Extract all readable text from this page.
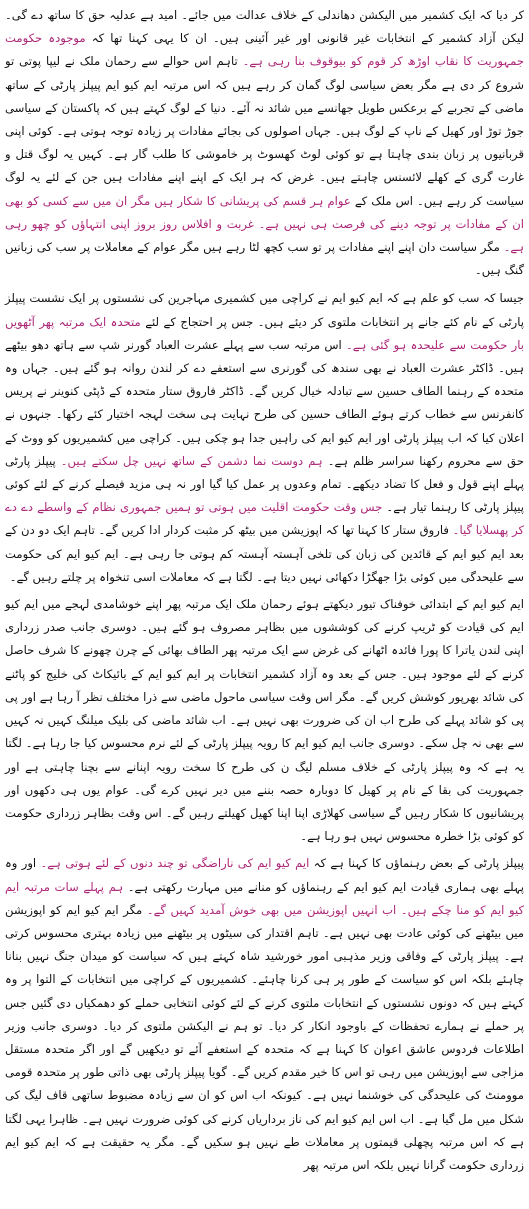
کر دیا کہ ایک کشمیر میں الیکشن دھاندلی کے خلاف عدالت میں جائے۔ امید ہے عدلیہ حق کا ساتھ دے گی۔ لیکن آزاد کشمیر کے انتخابات غیر قانونی اور غیر آئینی ہیں۔ ان کا یہی کہنا تھا کہ موجودہ حکومت جمہوریت کا نقاب اوڑھ کر قوم کو بیوقوف بنا رہی ہے۔ تاہم اس حوالے سے رحمان ملک نے لیپا پوتی تو شروع کر دی ہے مگر بعض سیاسی لوگ گمان کر رہے ہیں کہ اس مرتبہ ایم کیو ایم پیپلز پارٹی کے ساتھ ماضی کے تجربے کے برعکس طویل جھانسے میں شائد نہ آئے۔ دنیا کے لوگ کہتے ہیں کہ پاکستان کے سیاسی جوڑ توڑ اور کھیل کے ناپ کے لوگ ہیں۔ جہاں اصولوں کی بجائے مفادات پر زیادہ توجہ ہوتی ہے۔ کوئی اپنی قربانیوں پر زبان بندی چاہتا ہے تو کوئی لوٹ کھسوٹ پر خاموشی کا طلب گار ہے۔ کہیں یہ لوگ قتل و غارت گری کے کھلے لائسنس چاہتے ہیں۔ غرض کہ ہر ایک کے اپنے اپنے مفادات ہیں جن کے لئے یہ لوگ سیاست کر رہے ہیں۔ اس ملک کے عوام ہر قسم کی پریشانی کا شکار ہیں مگر ان میں سے کسی کو بھی ان کے مفادات پر توجہ دینے کی فرصت ہی نہیں ہے۔ غربت و افلاس روز بروز اپنی انتہاؤں کو چھو رہی ہے۔ مگر سیاست دان اپنے اپنے مفادات پر تو سب کچھ لٹا رہے ہیں مگر عوام کے معاملات پر سب کی زبانیں گنگ ہیں۔

جیسا کہ سب کو علم ہے کہ ایم کیو ایم نے کراچی میں کشمیری مہاجرین کی نشستوں پر ایک نشست پیپلز پارٹی کے نام کئے جانے پر انتخابات ملتوی کر دیئے ہیں۔ جس پر احتجاج کے لئے متحدہ ایک مرتبہ پھر آٹھویں بار حکومت سے علیحدہ ہو گئی ہے۔ اس مرتبہ سب سے پہلے عشرت العباد گورنر شپ سے ہاتھ دھو بیٹھے ہیں۔ ڈاکٹر عشرت العباد نے بھی سندھ کی گورنری سے استعفے دے کر لندن روانہ ہو گئے ہیں۔ جہاں وہ متحدہ کے رہنما الطاف حسین سے تبادلہ خیال کریں گے۔ ڈاکٹر فاروق ستار متحدہ کے ڈپٹی کنوینر نے پریس کانفرنس سے خطاب کرتے ہوئے الطاف حسین کی طرح نہایت ہی سخت لہجہ اختیار کئے رکھا۔ جنہوں نے اعلان کیا کہ اب پیپلز پارٹی اور ایم کیو ایم کی راہیں جدا ہو چکی ہیں۔ کراچی میں کشمیریوں کو ووٹ کے حق سے محروم رکھنا سراسر ظلم ہے۔ ہم دوست نما دشمن کے ساتھ نہیں چل سکتے ہیں۔ پیپلز پارٹی پہلے اپنے قول و فعل کا تضاد دیکھے۔ تمام وعدوں پر عمل کیا گیا اور نہ ہی مزید فیصلے کرنے کے لئے کوئی پیپلز پارٹی کا رہنما تیار ہے۔ جس وقت حکومت اقلیت میں ہوتی تو ہمیں جمہوری نظام کے واسطے دے دے کر پھسلایا گیا۔ فاروق ستار کا کہنا تھا کہ اپوزیشن میں بیٹھ کر مثبت کردار ادا کریں گے۔ تاہم ایک دو دن کے بعد ایم کیو ایم کے قائدین کی زبان کی تلخی آہستہ آہستہ کم ہوتی جا رہی ہے۔ ایم کیو ایم کی حکومت سے علیحدگی میں کوئی بڑا جھگڑا دکھائی نہیں دیتا ہے۔ لگتا ہے کہ معاملات اسی تنخواہ پر چلتے رہیں گے۔

ایم کیو ایم کے ابتدائی خوفناک تیور دیکھتے ہوئے رحمان ملک ایک مرتبہ پھر اپنے خوشامدی لہجے میں ایم کیو ایم کی قیادت کو ٹریپ کرنے کی کوششوں میں بظاہر مصروف ہو گئے ہیں۔ دوسری جانب صدر زرداری اپنی لندن یاترا کا پورا فائدہ اٹھانے کی غرض سے ایک مرتبہ پھر الطاف بھائی کے چرن چھونے کا شرف حاصل کرنے کے لئے موجود ہیں۔ جس کے بعد وہ آزاد کشمیر انتخابات پر ایم کیو ایم کے بائیکاٹ کی خلیج کو پاٹنے کی شائد بھرپور کوشش کریں گے۔ مگر اس وقت سیاسی ماحول ماضی سے ذرا مختلف نظر آ رہا ہے اور پی پی کو شائد پہلے کی طرح اب ان کی ضرورت بھی نہیں ہے۔ اب شائد ماضی کی بلیک میلنگ کہیں نہ کہیں سے بھی نہ چل سکے۔ دوسری جانب ایم کیو ایم کا رویہ پیپلز پارٹی کے لئے نرم محسوس کیا جا رہا ہے۔ لگتا یہ ہے کہ وہ پیپلز پارٹی کے خلاف مسلم لیگ ن کی طرح کا سخت رویہ اپنانے سے بچنا چاہتی ہے اور جمہوریت کی بقا کے نام پر کھیل کا دوبارہ حصہ بننے میں دیر نہیں کرے گی۔ عوام یوں ہی دکھوں اور پریشانیوں کا شکار رہیں گے سیاسی کھلاڑی اپنا اپنا کھیل کھیلتے رہیں گے۔ اس وقت بظاہر زرداری حکومت کو کوئی بڑا خطرہ محسوس نہیں ہو رہا ہے۔

پیپلز پارٹی کے بعض رہنماؤں کا کہنا ہے کہ ایم کیو ایم کی ناراضگی تو چند دنوں کے لئے ہوتی ہے۔ اور وہ پہلے بھی ہماری قیادت ایم کیو ایم کے رہنماؤں کو منانے میں مہارت رکھتی ہے۔ ہم پہلے سات مرتبہ ایم کیو ایم کو منا چکے ہیں۔ اب انہیں اپوزیشن میں بھی خوش آمدید کہیں گے۔ مگر ایم کیو ایم کو اپوزیشن میں بیٹھنے کی کوئی عادت بھی نہیں ہے۔ تاہم اقتدار کی سیٹوں پر بیٹھنے میں زیادہ بہتری محسوس کرتی ہے۔ پیپلز پارٹی کے وفاقی وزیر مذہبی امور خورشید شاہ کہتے ہیں کہ سیاست کو میدان جنگ نہیں بنانا چاہئے بلکہ اس کو سیاست کے طور پر ہی کرنا چاہئے۔ کشمیریوں کے کراچی میں انتخابات کے التوا پر وہ کہتے ہیں کہ دونوں نشستوں کے انتخابات ملتوی کرنے کے لئے کوئی انتخابی حملے کو دھمکیاں دی گئیں جس پر حملے نے ہمارے تحفظات کے باوجود انکار کر دیا۔ تو ہم نے الیکشن ملتوی کر دیا۔ دوسری جانب وزیر اطلاعات فردوس عاشق اعوان کا کہنا ہے کہ متحدہ کے استعفے آئے تو دیکھیں گے اور اگر متحدہ مستقل مزاجی سے اپوزیشن میں رہی تو اس کا خیر مقدم کریں گے۔ گویا پیپلز پارٹی بھی ذاتی طور پر متحدہ قومی موومنٹ کی علیحدگی کی خوشنما نہیں ہے۔ کیونکہ اب اس کو ان سے زیادہ مضبوط ساتھی قاف لیگ کی شکل میں مل گیا ہے۔ اب اس ایم کیو ایم کی ناز برداریاں کرنے کی کوئی ضرورت نہیں ہے۔ ظاہرا یہی لگتا ہے کہ اس مرتبہ پچھلی قیمتوں پر معاملات طے نہیں ہو سکیں گے۔ مگر یہ حقیقت ہے کہ ایم کیو ایم زرداری حکومت گرانا نہیں بلکہ اس مرتبہ پھر
